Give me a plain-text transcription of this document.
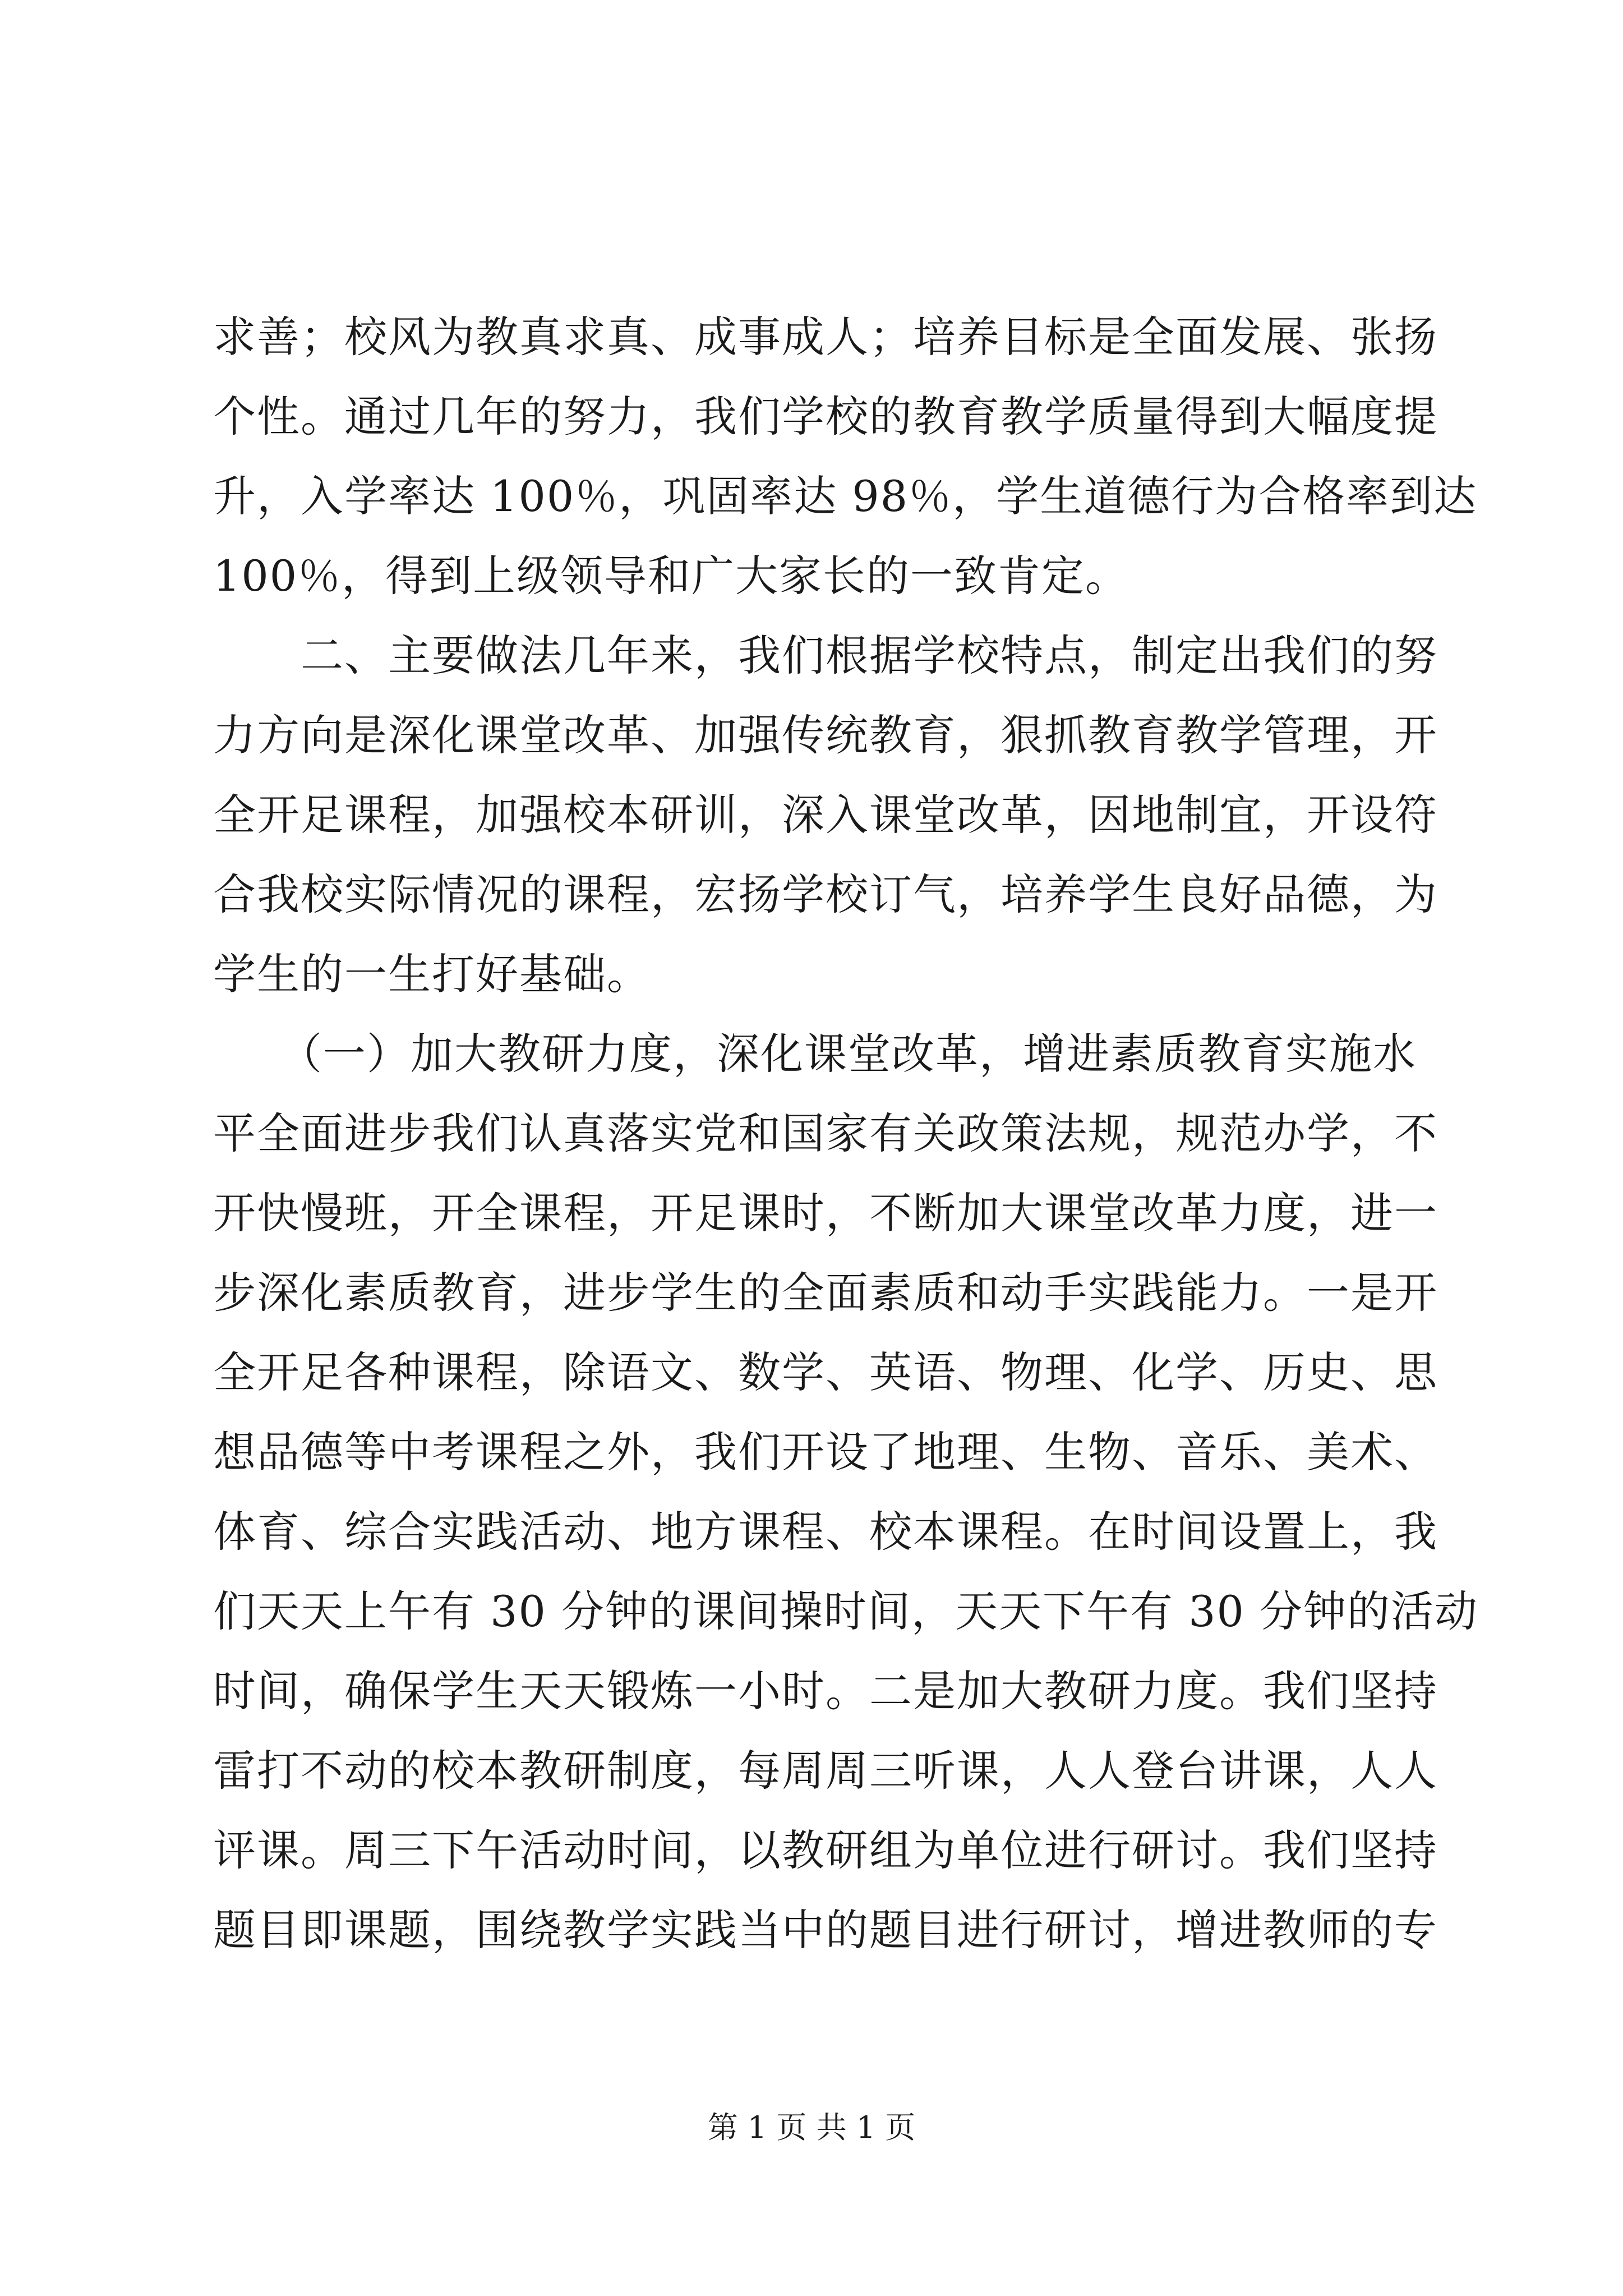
求善；校风为教真求真、成事成人；培养目标是全面发展、张扬
个性。通过几年的努力，我们学校的教育教学质量得到大幅度提
升，入学率达 100％，巩固率达 98％，学生道德行为合格率到达
100％，得到上级领导和广大家长的一致肯定。
　　二、主要做法几年来，我们根据学校特点，制定出我们的努
力方向是深化课堂改革、加强传统教育，狠抓教育教学管理，开
全开足课程，加强校本研训，深入课堂改革，因地制宜，开设符
合我校实际情况的课程，宏扬学校订气，培养学生良好品德，为
学生的一生打好基础。
　　（一）加大教研力度，深化课堂改革，增进素质教育实施水
平全面进步我们认真落实党和国家有关政策法规，规范办学，不
开快慢班，开全课程，开足课时，不断加大课堂改革力度，进一
步深化素质教育，进步学生的全面素质和动手实践能力。一是开
全开足各种课程，除语文、数学、英语、物理、化学、历史、思
想品德等中考课程之外，我们开设了地理、生物、音乐、美术、
体育、综合实践活动、地方课程、校本课程。在时间设置上，我
们天天上午有 30 分钟的课间操时间，天天下午有 30 分钟的活动
时间，确保学生天天锻炼一小时。二是加大教研力度。我们坚持
雷打不动的校本教研制度，每周周三听课，人人登台讲课，人人
评课。周三下午活动时间，以教研组为单位进行研讨。我们坚持
题目即课题，围绕教学实践当中的题目进行研讨，增进教师的专
第 1 页 共 1 页
